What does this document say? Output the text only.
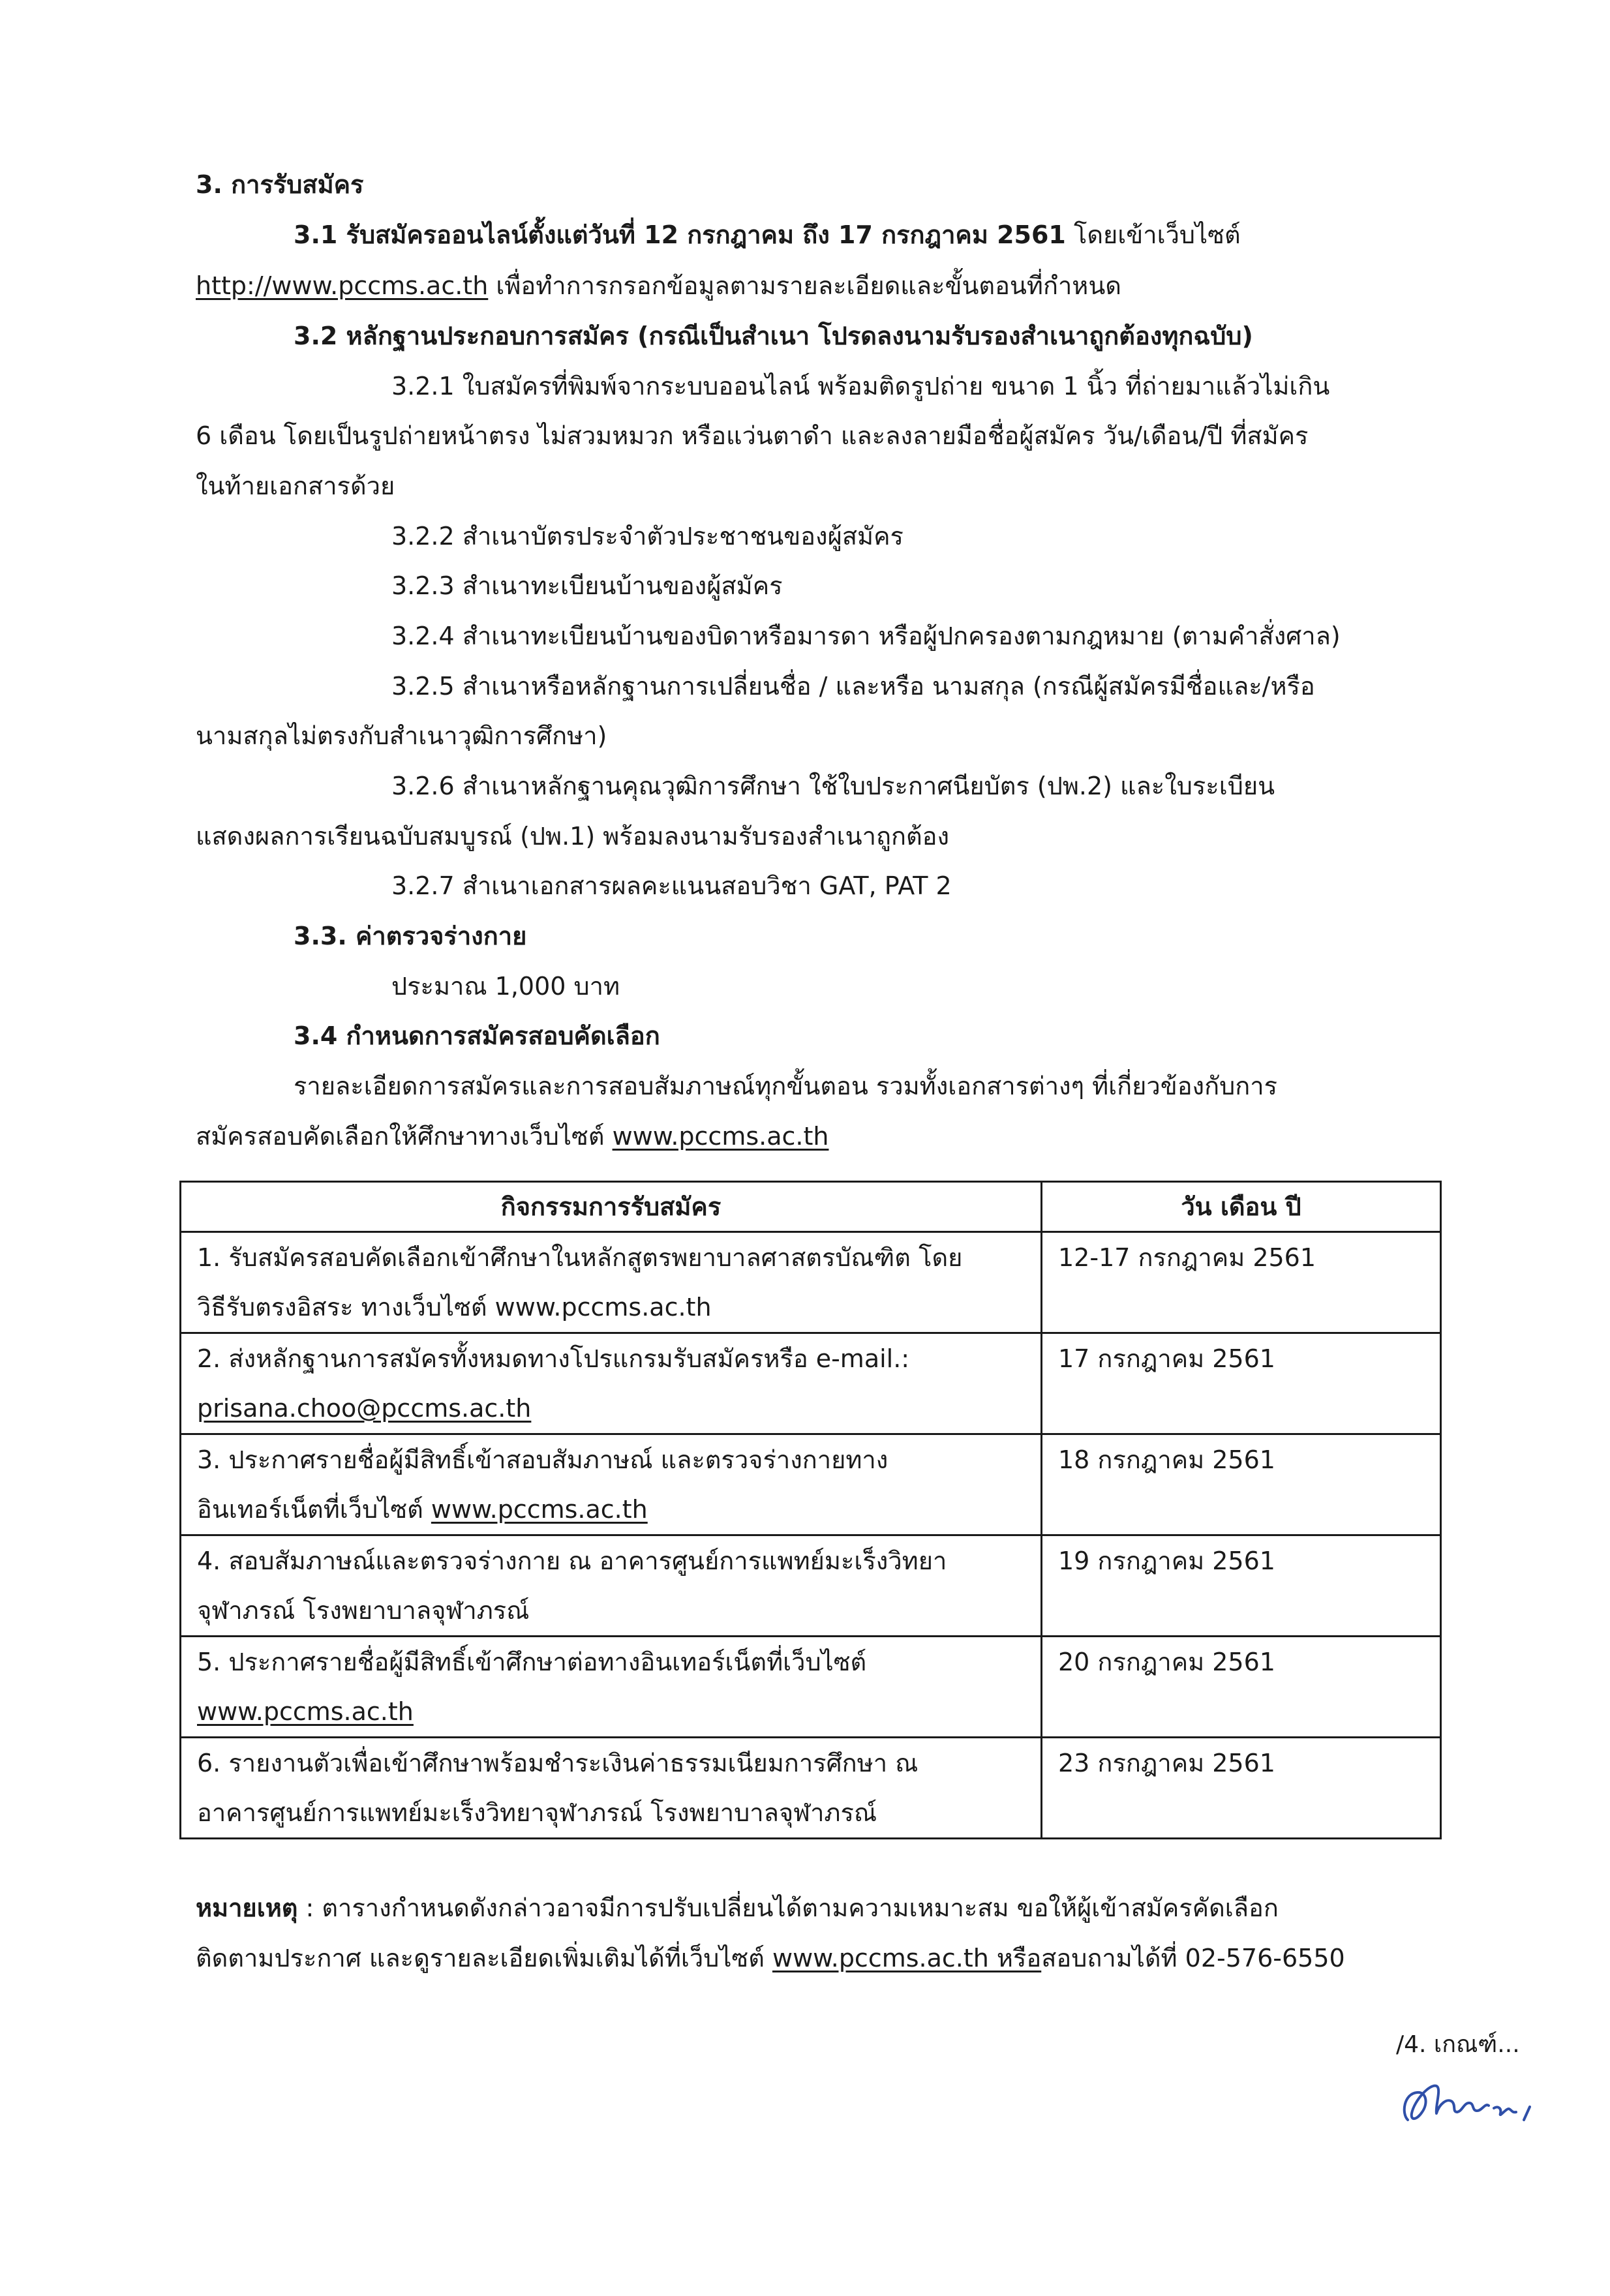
3. การรับสมัคร
3.1 รับสมัครออนไลน์ตั้งแต่วันที่ 12 กรกฎาคม ถึง 17 กรกฎาคม 2561 โดยเข้าเว็บไซต์
http://www.pccms.ac.th เพื่อทำการกรอกข้อมูลตามรายละเอียดและขั้นตอนที่กำหนด
3.2 หลักฐานประกอบการสมัคร (กรณีเป็นสำเนา โปรดลงนามรับรองสำเนาถูกต้องทุกฉบับ)
3.2.1 ใบสมัครที่พิมพ์จากระบบออนไลน์ พร้อมติดรูปถ่าย ขนาด 1 นิ้ว ที่ถ่ายมาแล้วไม่เกิน
6 เดือน โดยเป็นรูปถ่ายหน้าตรง ไม่สวมหมวก หรือแว่นตาดำ และลงลายมือชื่อผู้สมัคร วัน/เดือน/ปี ที่สมัคร
ในท้ายเอกสารด้วย
3.2.2 สำเนาบัตรประจำตัวประชาชนของผู้สมัคร
3.2.3 สำเนาทะเบียนบ้านของผู้สมัคร
3.2.4 สำเนาทะเบียนบ้านของบิดาหรือมารดา หรือผู้ปกครองตามกฎหมาย (ตามคำสั่งศาล)
3.2.5 สำเนาหรือหลักฐานการเปลี่ยนชื่อ / และหรือ นามสกุล (กรณีผู้สมัครมีชื่อและ/หรือ
นามสกุลไม่ตรงกับสำเนาวุฒิการศึกษา)
3.2.6 สำเนาหลักฐานคุณวุฒิการศึกษา ใช้ใบประกาศนียบัตร (ปพ.2) และใบระเบียน
แสดงผลการเรียนฉบับสมบูรณ์ (ปพ.1) พร้อมลงนามรับรองสำเนาถูกต้อง
3.2.7 สำเนาเอกสารผลคะแนนสอบวิชา GAT, PAT 2
3.3. ค่าตรวจร่างกาย
ประมาณ 1,000 บาท
3.4 กำหนดการสมัครสอบคัดเลือก
รายละเอียดการสมัครและการสอบสัมภาษณ์ทุกขั้นตอน รวมทั้งเอกสารต่างๆ ที่เกี่ยวข้องกับการ
สมัครสอบคัดเลือกให้ศึกษาทางเว็บไซต์ www.pccms.ac.th
กิจกรรมการรับสมัคร	วัน เดือน ปี

1. รับสมัครสอบคัดเลือกเข้าศึกษาในหลักสูตรพยาบาลศาสตรบัณฑิต โดย
วิธีรับตรงอิสระ ทางเว็บไซต์ www.pccms.ac.th	12-17 กรกฎาคม 2561

2. ส่งหลักฐานการสมัครทั้งหมดทางโปรแกรมรับสมัครหรือ e-mail.:
prisana.choo@pccms.ac.th	17 กรกฎาคม 2561

3. ประกาศรายชื่อผู้มีสิทธิ์เข้าสอบสัมภาษณ์ และตรวจร่างกายทาง
อินเทอร์เน็ตที่เว็บไซต์ www.pccms.ac.th	18 กรกฎาคม 2561

4. สอบสัมภาษณ์และตรวจร่างกาย ณ อาคารศูนย์การแพทย์มะเร็งวิทยา
จุฬาภรณ์ โรงพยาบาลจุฬาภรณ์	19 กรกฎาคม 2561

5. ประกาศรายชื่อผู้มีสิทธิ์เข้าศึกษาต่อทางอินเทอร์เน็ตที่เว็บไซต์
www.pccms.ac.th	20 กรกฎาคม 2561

6. รายงานตัวเพื่อเข้าศึกษาพร้อมชำระเงินค่าธรรมเนียมการศึกษา ณ
อาคารศูนย์การแพทย์มะเร็งวิทยาจุฬาภรณ์ โรงพยาบาลจุฬาภรณ์	23 กรกฎาคม 2561
หมายเหตุ : ตารางกำหนดดังกล่าวอาจมีการปรับเปลี่ยนได้ตามความเหมาะสม ขอให้ผู้เข้าสมัครคัดเลือก
ติดตามประกาศ และดูรายละเอียดเพิ่มเติมได้ที่เว็บไซต์ www.pccms.ac.th หรือสอบถามได้ที่ 02-576-6550
/4. เกณฑ์...
